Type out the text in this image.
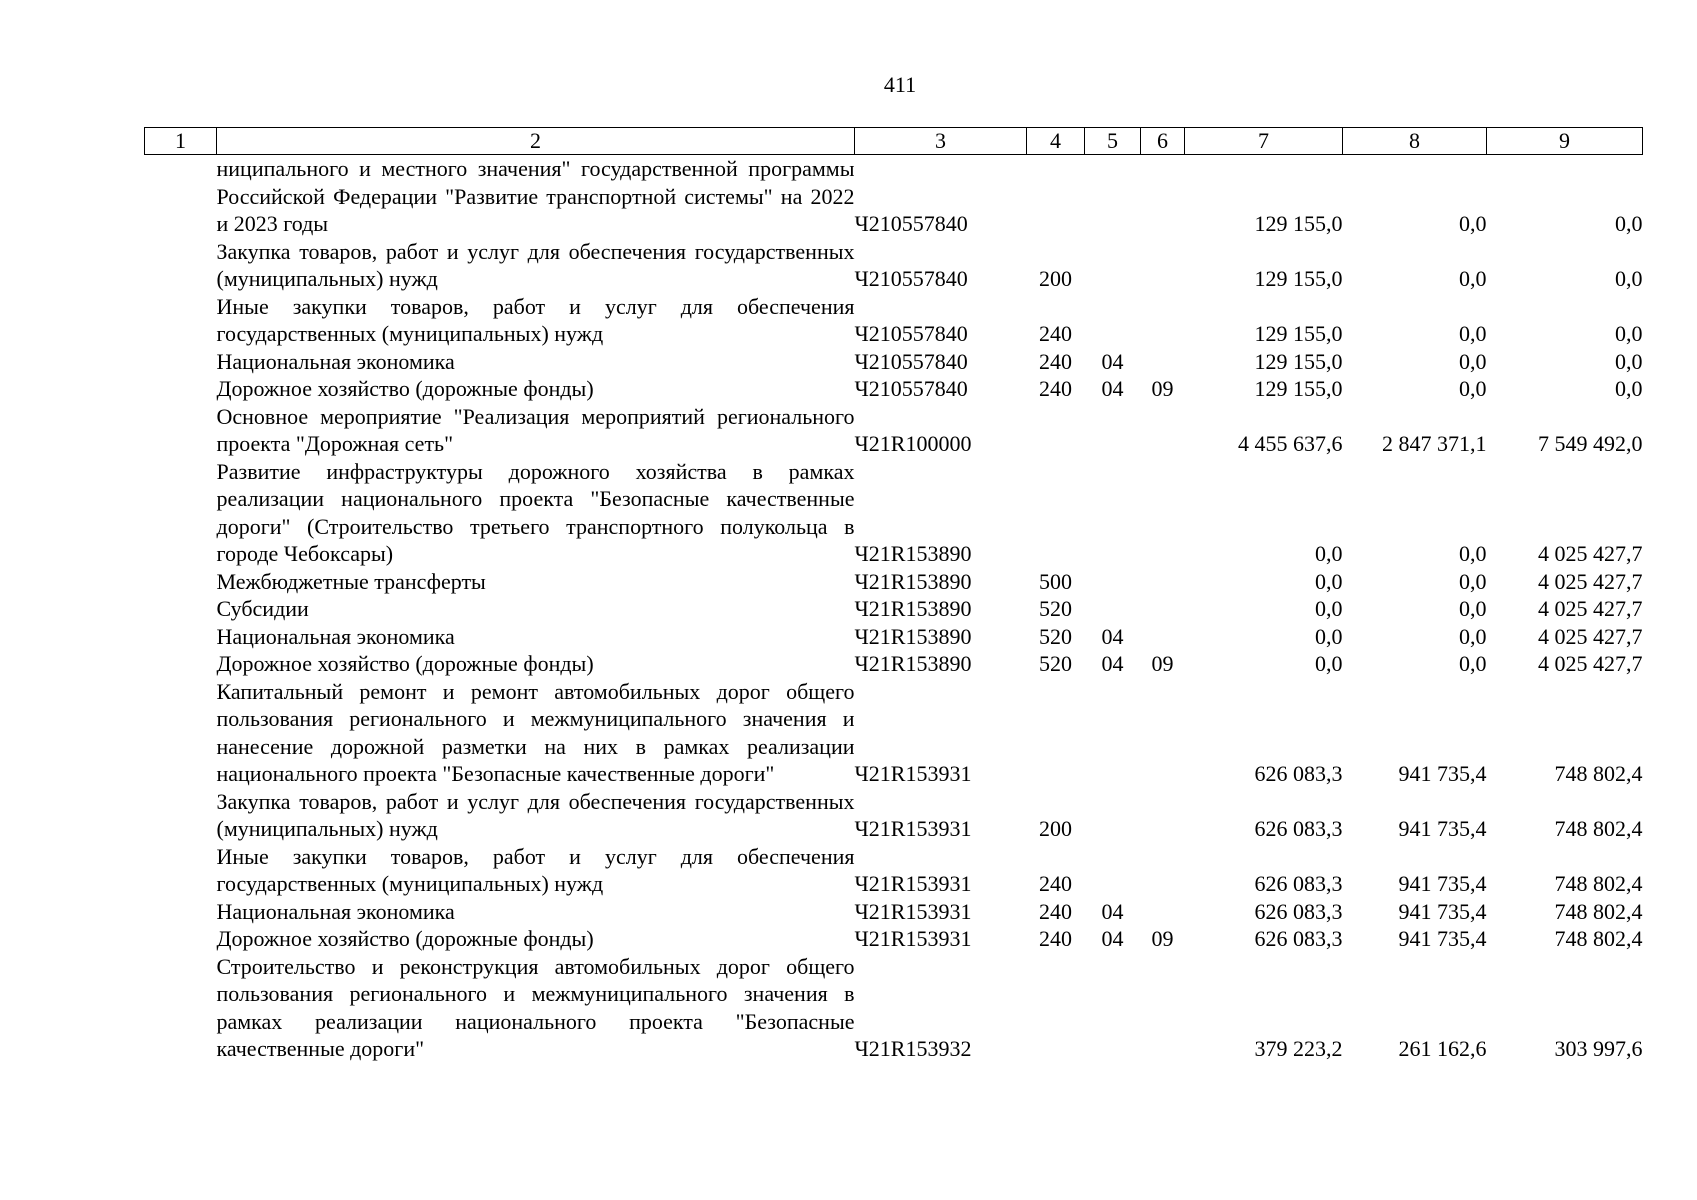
411
1	2	3	4	5	6	7	8	9
	ниципального и местного значения" государственной программы Российской Федерации "Развитие транспортной системы" на 2022 и 2023 годы	Ч210557840				129 155,0	0,0	0,0
	Закупка товаров, работ и услуг для обеспечения государственных (муниципальных) нужд	Ч210557840	200			129 155,0	0,0	0,0
	Иные закупки товаров, работ и услуг для обеспечения государственных (муниципальных) нужд	Ч210557840	240			129 155,0	0,0	0,0
	Национальная экономика	Ч210557840	240	04		129 155,0	0,0	0,0
	Дорожное хозяйство (дорожные фонды)	Ч210557840	240	04	09	129 155,0	0,0	0,0
	Основное мероприятие "Реализация мероприятий регионального проекта "Дорожная сеть"	Ч21R100000				4 455 637,6	2 847 371,1	7 549 492,0
	Развитие инфраструктуры дорожного хозяйства в рамках реализации национального проекта "Безопасные качественные дороги" (Строительство третьего транспортного полукольца в городе Чебоксары)	Ч21R153890				0,0	0,0	4 025 427,7
	Межбюджетные трансферты	Ч21R153890	500			0,0	0,0	4 025 427,7
	Субсидии	Ч21R153890	520			0,0	0,0	4 025 427,7
	Национальная экономика	Ч21R153890	520	04		0,0	0,0	4 025 427,7
	Дорожное хозяйство (дорожные фонды)	Ч21R153890	520	04	09	0,0	0,0	4 025 427,7
	Капитальный ремонт и ремонт автомобильных дорог общего пользования регионального и межмуниципального значения и нанесение дорожной разметки на них в рамках реализации национального проекта "Безопасные качественные дороги"	Ч21R153931				626 083,3	941 735,4	748 802,4
	Закупка товаров, работ и услуг для обеспечения государственных (муниципальных) нужд	Ч21R153931	200			626 083,3	941 735,4	748 802,4
	Иные закупки товаров, работ и услуг для обеспечения государственных (муниципальных) нужд	Ч21R153931	240			626 083,3	941 735,4	748 802,4
	Национальная экономика	Ч21R153931	240	04		626 083,3	941 735,4	748 802,4
	Дорожное хозяйство (дорожные фонды)	Ч21R153931	240	04	09	626 083,3	941 735,4	748 802,4
	Строительство и реконструкция автомобильных дорог общего пользования регионального и межмуниципального значения в рамках реализации национального проекта "Безопасные качественные дороги"	Ч21R153932				379 223,2	261 162,6	303 997,6
